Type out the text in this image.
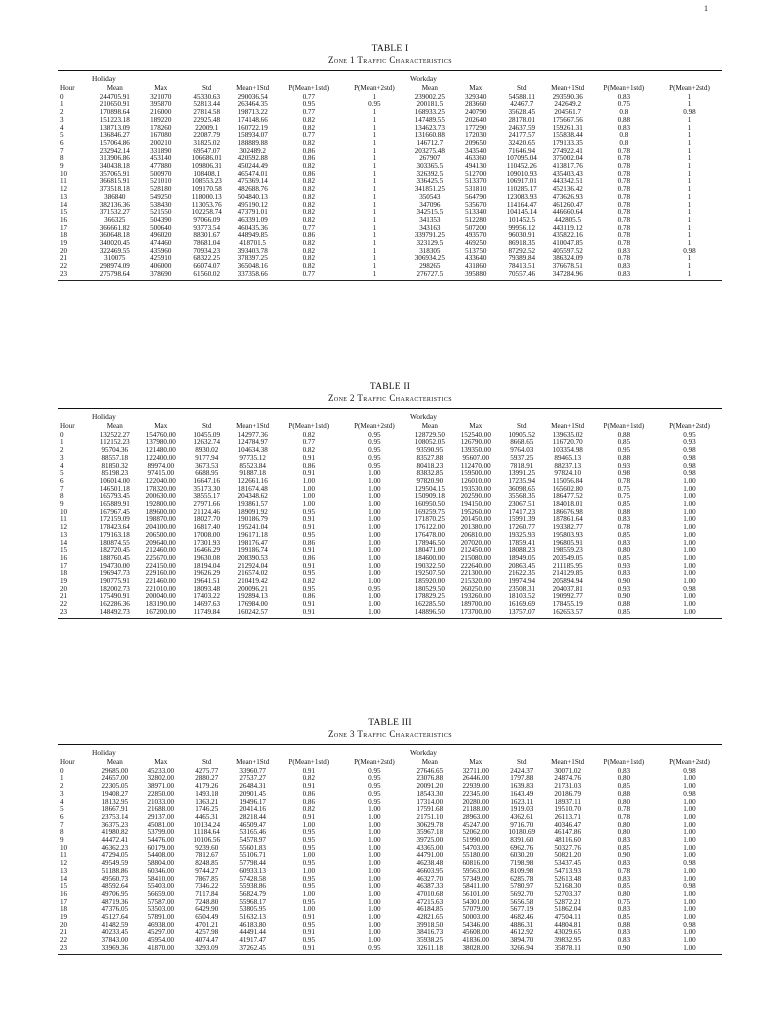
1
TABLE I
Zone 1 Traffic Characteristics
Holiday	Workday
Hour	Mean	Max	Std	Mean+1Std	P(Mean+1std)	P(Mean+2std)	Mean	Max	Std	Mean+1Std	P(Mean+1std)	P(Mean+2std)
0	244705.91	321070	45330.63	290036.54	0.77	1	239002.25	329340	54588.11	293590.36	0.83	1
1	210650.91	395870	52813.44	263464.35	0.95	0.95	200181.5	283660	42467.7	242649.2	0.75	1
2	170898.64	216000	27814.58	198713.22	0.77	1	168933.25	240790	35628.45	204561.7	0.8	0.98
3	151223.18	189220	22925.48	174148.66	0.82	1	147489.55	202640	28178.01	175667.56	0.88	1
4	138713.09	178260	22009.1	160722.19	0.82	1	134623.73	177290	24637.59	159261.31	0.83	1
5	136846.27	167080	22087.79	158934.07	0.77	1	131660.88	172030	24177.57	155838.44	0.8	1
6	157064.86	200210	31825.02	188889.88	0.82	1	146712.7	209650	32420.65	179133.35	0.8	1
7	232942.14	331890	69547.07	302489.2	0.86	1	203275.48	343540	71646.94	274922.41	0.78	1
8	313906.86	453140	106686.01	420592.88	0.86	1	267907	463360	107095.04	375002.04	0.78	1
9	340438.18	477880	109806.31	450244.49	0.82	1	303365.5	494130	110452.26	413817.76	0.78	1
10	357065.91	500970	108408.1	465474.01	0.86	1	326392.5	512700	109010.93	435403.43	0.78	1
11	366815.91	521010	108553.23	475369.14	0.82	1	336425.5	513370	106917.01	443342.51	0.78	1
12	373518.18	528180	109170.58	482688.76	0.82	1	341851.25	531810	110285.17	452136.42	0.78	1
13	386840	549250	118000.13	504840.13	0.82	1	350543	564790	123083.93	473626.93	0.78	1
14	382136.36	538430	113053.76	495190.12	0.82	1	347096	535670	114164.47	461260.47	0.78	1
15	371532.27	521550	102258.74	473791.01	0.82	1	342515.5	513340	104145.14	446660.64	0.78	1
16	366325	504390	97066.09	463391.09	0.82	1	341353	512280	101452.5	442805.5	0.78	1
17	366661.82	500640	93773.54	460435.36	0.77	1	343163	507200	99956.12	443119.12	0.78	1
18	360648.18	496020	88301.67	448949.85	0.86	1	339791.25	493570	96030.91	435822.16	0.78	1
19	340020.45	474460	78681.04	418701.5	0.82	1	323129.5	469250	86918.35	410047.85	0.78	1
20	322469.55	435960	70934.23	393403.78	0.82	1	318305	513750	87292.52	405597.52	0.83	0.98
21	310075	425910	68322.25	378397.25	0.82	1	306934.25	433640	79389.84	386324.09	0.78	1
22	298974.09	406000	66074.07	365048.16	0.82	1	298265	431860	78413.51	376678.51	0.83	1
23	275798.64	378690	61560.02	337358.66	0.77	1	276727.5	395880	70557.46	347284.96	0.83	1
TABLE II
Zone 2 Traffic Characteristics
Holiday	Workday
Hour	Mean	Max	Std	Mean+1Std	P(Mean+1std)	P(Mean+2std)	Mean	Max	Std	Mean+1Std	P(Mean+1std)	P(Mean+2std)
0	132522.27	154760.00	10455.09	142977.36	0.82	0.95	128729.50	152540.00	10905.52	139635.02	0.88	0.95
1	112152.23	137980.00	12632.74	124784.97	0.77	0.95	108052.05	126790.00	8668.65	116720.70	0.85	0.93
2	95704.36	121480.00	8930.02	104634.38	0.82	0.95	93590.95	139350.00	9764.03	103354.98	0.95	0.98
3	88557.18	122400.00	9177.94	97735.12	0.91	0.95	83527.88	95607.00	5937.25	89465.13	0.88	0.98
4	81850.32	89974.00	3673.53	85523.84	0.86	0.95	80418.23	112470.00	7818.91	88237.13	0.93	0.98
5	85198.23	97415.00	6688.95	91887.18	0.91	1.00	83832.85	159500.00	13991.25	97824.10	0.98	0.98
6	106014.00	122040.00	16647.16	122661.16	1.00	1.00	97820.90	126010.00	17235.94	115056.84	0.78	1.00
7	146501.18	178320.00	35173.30	181674.48	1.00	1.00	129504.15	193530.00	36098.65	165602.80	0.75	1.00
8	165793.45	200630.00	38555.17	204348.62	1.00	1.00	150909.18	202590.00	35568.35	186477.52	0.75	1.00
9	165889.91	192800.00	27971.66	193861.57	1.00	1.00	160950.50	194150.00	23067.51	184018.01	0.85	1.00
10	167967.45	189600.00	21124.46	189091.92	0.95	1.00	169259.75	195260.00	17417.23	186676.98	0.88	1.00
11	172159.09	198870.00	18027.70	190186.79	0.91	1.00	171870.25	201450.00	15991.39	187861.64	0.83	1.00
12	178423.64	204100.00	16817.40	195241.04	0.91	1.00	176122.00	201380.00	17260.77	193382.77	0.78	1.00
13	179163.18	206500.00	17008.00	196171.18	0.95	1.00	176478.00	206810.00	19325.93	195803.93	0.85	1.00
14	180874.55	209640.00	17301.93	198176.47	0.86	1.00	178946.50	207020.00	17859.41	196805.91	0.83	1.00
15	182720.45	212460.00	16466.29	199186.74	0.91	1.00	180471.00	212450.00	18088.23	198559.23	0.80	1.00
16	188760.45	225670.00	19630.08	208390.53	0.86	1.00	184600.00	215080.00	18949.05	203549.05	0.85	1.00
17	194730.00	224150.00	18194.04	212924.04	0.91	1.00	190322.50	222640.00	20863.45	211185.95	0.93	1.00
18	196947.73	229160.00	19626.29	216574.02	0.95	1.00	192507.50	221300.00	21622.35	214129.85	0.83	1.00
19	190775.91	221460.00	19641.51	210419.42	0.82	1.00	185920.00	215320.00	19974.94	205894.94	0.90	1.00
20	182002.73	221010.00	18093.48	200096.21	0.95	0.95	180529.50	260250.00	23508.31	204037.81	0.93	0.98
21	175490.91	200040.00	17403.22	192894.13	0.86	1.00	178829.25	193260.00	18103.52	190992.77	0.90	1.00
22	162286.36	183190.00	14697.63	176984.00	0.91	1.00	162285.50	189700.00	16169.69	178455.19	0.88	1.00
23	148492.73	167200.00	11749.84	160242.57	0.91	1.00	148896.50	173700.00	13757.07	162653.57	0.85	1.00
TABLE III
Zone 3 Traffic Characteristics
Holiday	Workday
Hour	Mean	Max	Std	Mean+1Std	P(Mean+1std)	P(Mean+2std)	Mean	Max	Std	Mean+1Std	P(Mean+1std)	P(Mean+2std)
0	29685.00	45233.00	4275.77	33960.77	0.91	0.95	27646.65	32711.00	2424.37	30071.02	0.83	0.98
1	24657.00	32802.00	2880.27	27537.27	0.82	0.95	23076.88	26446.00	1797.88	24874.76	0.80	1.00
2	22305.05	38971.00	4179.26	26484.31	0.91	0.95	20091.20	22939.00	1639.83	21731.03	0.85	1.00
3	19408.27	22850.00	1493.18	20901.45	0.86	0.95	18543.30	22345.00	1643.49	20186.79	0.88	0.98
4	18132.95	21033.00	1363.21	19496.17	0.86	0.95	17314.00	20280.00	1623.11	18937.11	0.80	1.00
5	18667.91	21688.00	1746.25	20414.16	0.82	1.00	17591.68	21188.00	1919.03	19510.70	0.78	1.00
6	23753.14	29137.00	4465.31	28218.44	0.91	1.00	21751.10	28963.00	4362.61	26113.71	0.78	1.00
7	36375.23	45081.00	10134.24	46509.47	1.00	1.00	30629.78	45247.00	9716.70	40346.47	0.80	1.00
8	41980.82	53799.00	11184.64	53165.46	0.95	1.00	35967.18	52062.00	10180.69	46147.86	0.80	1.00
9	44472.41	54476.00	10106.56	54578.97	0.95	1.00	39725.00	51990.00	8391.60	48116.60	0.83	1.00
10	46362.23	60179.00	9239.60	55601.83	0.95	1.00	43365.00	54703.00	6962.76	50327.76	0.85	1.00
11	47294.05	54408.00	7812.67	55106.71	1.00	1.00	44791.00	55180.00	6030.20	50821.20	0.90	1.00
12	49549.59	58804.00	8248.85	57798.44	0.95	1.00	46238.48	60816.00	7198.98	53437.45	0.83	0.98
13	51188.86	60346.00	9744.27	60933.13	1.00	1.00	46603.95	59563.00	8109.98	54713.93	0.78	1.00
14	49560.73	58410.00	7867.85	57428.58	0.95	1.00	46327.70	57349.00	6285.78	52613.48	0.83	1.00
15	48592.64	55403.00	7346.22	55938.86	0.95	1.00	46387.33	58411.00	5780.97	52168.30	0.85	0.98
16	49706.95	56659.00	7117.84	56824.79	1.00	1.00	47010.68	56101.00	5692.70	52703.37	0.80	1.00
17	48719.36	57587.00	7248.80	55968.17	0.95	1.00	47215.63	54301.00	5656.58	52872.21	0.75	1.00
18	47376.05	53503.00	6429.90	53805.95	1.00	1.00	46184.85	57079.00	5677.19	51862.04	0.83	1.00
19	45127.64	57891.00	6504.49	51632.13	0.91	1.00	42821.65	50003.00	4682.46	47504.11	0.85	1.00
20	41482.59	46938.00	4701.21	46183.80	0.95	1.00	39918.50	54346.00	4886.31	44804.81	0.88	0.98
21	40233.45	45297.00	4257.98	44491.44	0.91	1.00	38416.73	45608.00	4612.92	43029.65	0.83	1.00
22	37843.00	45954.00	4074.47	41917.47	0.95	1.00	35938.25	41836.00	3894.70	39832.95	0.83	1.00
23	33969.36	41870.00	3293.09	37262.45	0.91	0.95	32611.18	38028.00	3266.94	35878.11	0.90	1.00
